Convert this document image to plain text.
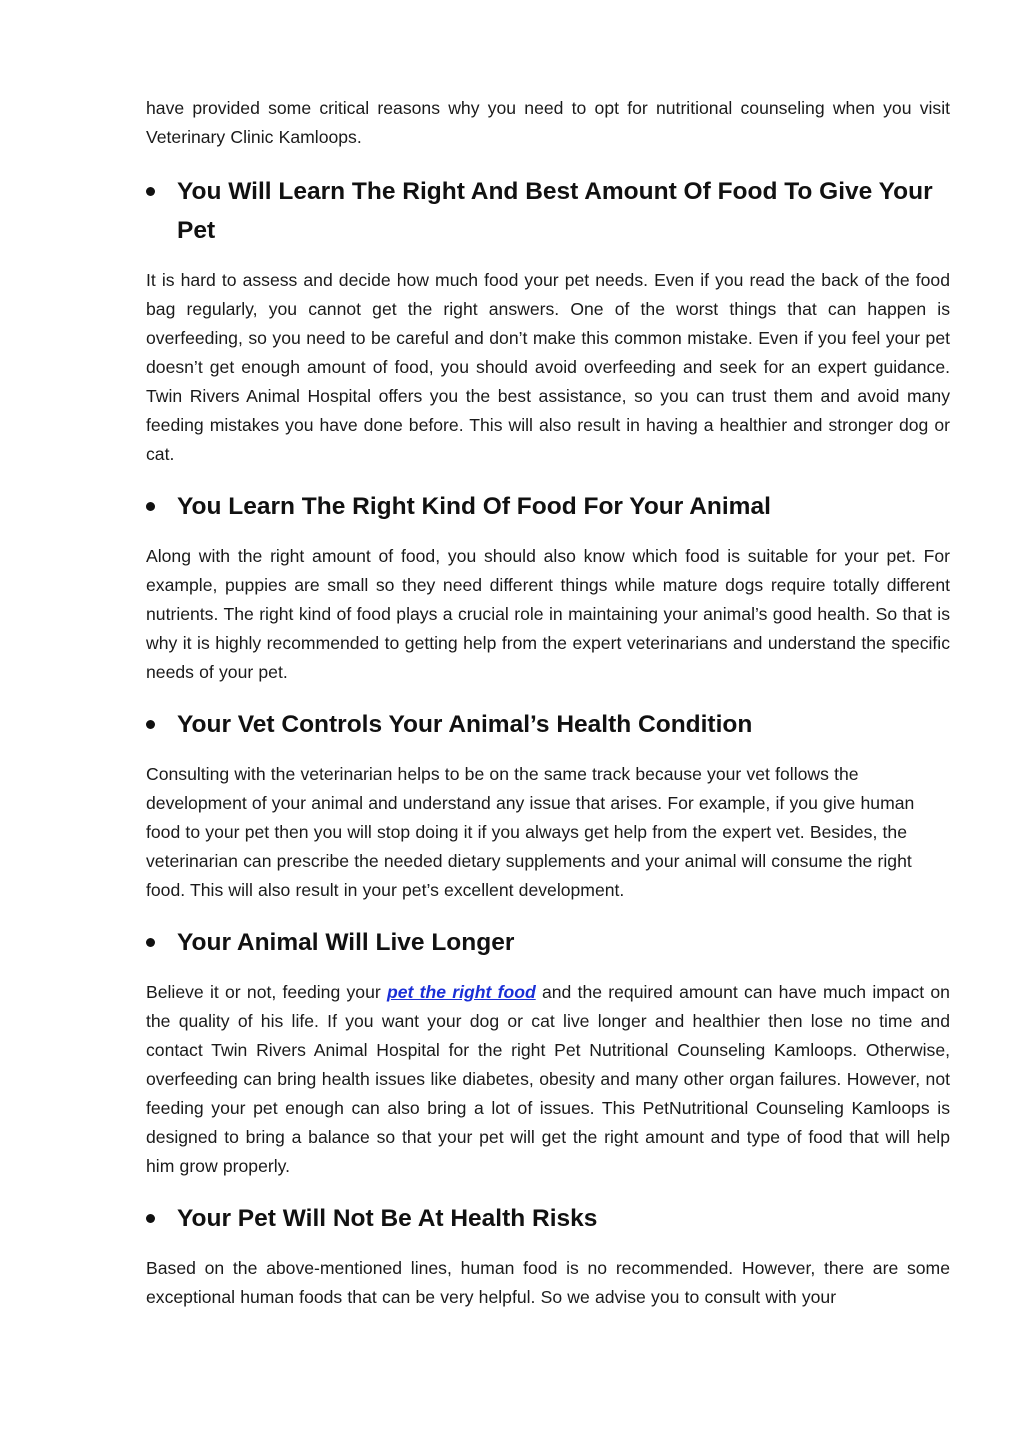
have provided some critical reasons why you need to opt for nutritional counseling when you visit Veterinary Clinic Kamloops.

You Will Learn The Right And Best Amount Of Food To Give Your Pet

It is hard to assess and decide how much food your pet needs. Even if you read the back of the food bag regularly, you cannot get the right answers. One of the worst things that can happen is overfeeding, so you need to be careful and don’t make this common mistake. Even if you feel your pet doesn’t get enough amount of food, you should avoid overfeeding and seek for an expert guidance. Twin Rivers Animal Hospital offers you the best assistance, so you can trust them and avoid many feeding mistakes you have done before. This will also result in having a healthier and stronger dog or cat.

You Learn The Right Kind Of Food For Your Animal

Along with the right amount of food, you should also know which food is suitable for your pet. For example, puppies are small so they need different things while mature dogs require totally different nutrients. The right kind of food plays a crucial role in maintaining your animal’s good health. So that is why it is highly recommended to getting help from the expert veterinarians and understand the specific needs of your pet.

Your Vet Controls Your Animal’s Health Condition

Consulting with the veterinarian helps to be on the same track because your vet follows the development of your animal and understand any issue that arises. For example, if you give human food to your pet then you will stop doing it if you always get help from the expert vet. Besides, the veterinarian can prescribe the needed dietary supplements and your animal will consume the right food. This will also result in your pet’s excellent development.

Your Animal Will Live Longer

Believe it or not, feeding your pet the right food and the required amount can have much impact on the quality of his life. If you want your dog or cat live longer and healthier then lose no time and contact Twin Rivers Animal Hospital for the right Pet Nutritional Counseling Kamloops. Otherwise, overfeeding can bring health issues like diabetes, obesity and many other organ failures. However, not feeding your pet enough can also bring a lot of issues. This PetNutritional Counseling Kamloops is designed to bring a balance so that your pet will get the right amount and type of food that will help him grow properly.

Your Pet Will Not Be At Health Risks

Based on the above-mentioned lines, human food is no recommended. However, there are some exceptional human foods that can be very helpful. So we advise you to consult with your
